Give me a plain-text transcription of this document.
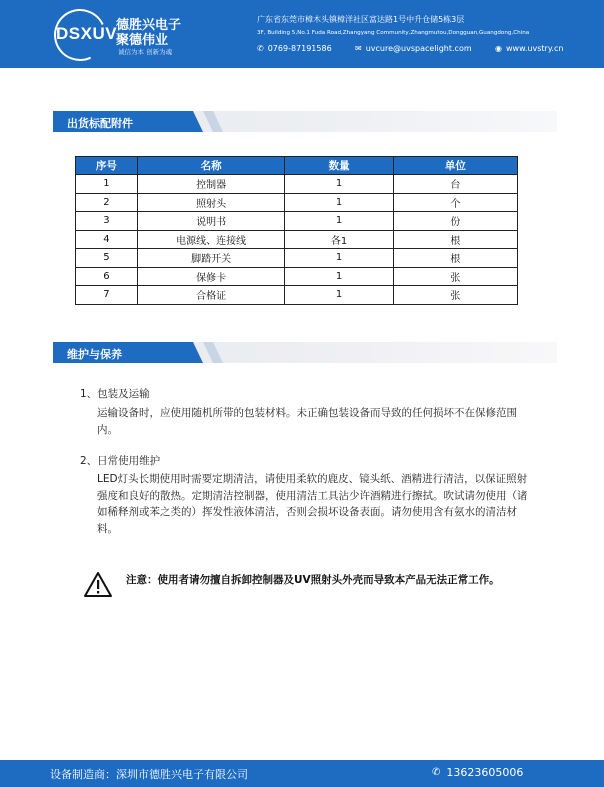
DSXUV
德胜兴电子
聚德伟业
诚信为本 创新为魂
广东省东莞市樟木头镇樟洋社区富达路1号中升仓储5栋3层
3F, Building 5,No.1 Fuda Road,Zhangyang Community,Zhangmutou,Dongguan,Guangdong,China
✆ 0769-87191586	✉ uvcure@uvspacelight.com	◉ www.uvstry.cn
出货标配附件
序号	名称	数量	单位
1	控制器	1	台
2	照射头	1	个
3	说明书	1	份
4	电源线、连接线	各1	根
5	脚踏开关	1	根
6	保修卡	1	张
7	合格证	1	张
维护与保养
1、包装及运输
运输设备时，应使用随机所带的包装材料。未正确包装设备而导致的任何损坏不在保修范围内。
2、日常使用维护
LED灯头长期使用时需要定期清洁，请使用柔软的鹿皮、镜头纸、酒精进行清洁，以保证照射强度和良好的散热。定期清洁控制器，使用清洁工具沾少许酒精进行擦拭。吹试请勿使用（诸如稀释剂或苯之类的）挥发性液体清洁，否则会损坏设备表面。请勿使用含有氨水的清洁材料。
注意：使用者请勿擅自拆卸控制器及UV照射头外壳而导致本产品无法正常工作。
设备制造商：深圳市德胜兴电子有限公司	✆ 13623605006
